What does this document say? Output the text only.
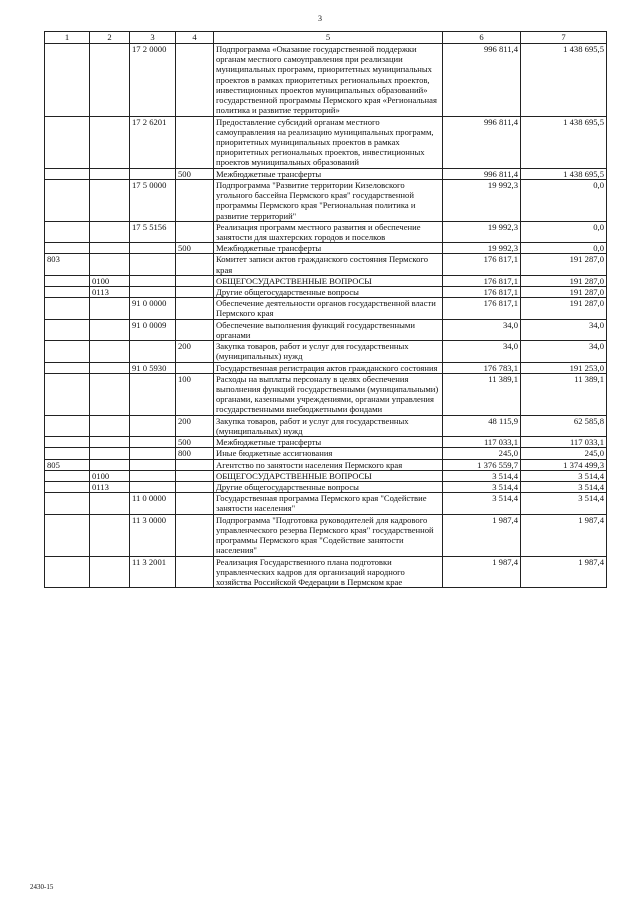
3
1	2	3	4	5	6	7
		17 2 0000		Подпрограмма «Оказание государственной поддержки органам местного самоуправления при реализации муниципальных программ, приоритетных муниципальных проектов в рамках приоритетных региональных проектов, инвестиционных проектов муниципальных образований» государственной программы Пермского края «Региональная политика и развитие территорий»	996 811,4	1 438 695,5
		17 2 6201		Предоставление субсидий органам местного самоуправления на реализацию муниципальных программ, приоритетных муниципальных проектов в рамках приоритетных региональных проектов, инвестиционных проектов муниципальных образований	996 811,4	1 438 695,5
			500	Межбюджетные трансферты	996 811,4	1 438 695,5
		17 5 0000		Подпрограмма "Развитие территории Кизеловского угольного бассейна Пермского края" государственной программы Пермского края "Региональная политика и развитие территорий"	19 992,3	0,0
		17 5 5156		Реализация программ местного развития и обеспечение занятости для шахтерских городов и поселков	19 992,3	0,0
			500	Межбюджетные трансферты	19 992,3	0,0
803				Комитет записи актов гражданского состояния Пермского края	176 817,1	191 287,0
	0100			ОБЩЕГОСУДАРСТВЕННЫЕ ВОПРОСЫ	176 817,1	191 287,0
	0113			Другие общегосударственные вопросы	176 817,1	191 287,0
		91 0 0000		Обеспечение деятельности органов государственной власти Пермского края	176 817,1	191 287,0
		91 0 0009		Обеспечение выполнения функций государственными органами	34,0	34,0
			200	Закупка товаров, работ и услуг для государственных (муниципальных) нужд	34,0	34,0
		91 0 5930		Государственная регистрация актов гражданского состояния	176 783,1	191 253,0
			100	Расходы на выплаты персоналу в целях обеспечения выполнения функций государственными (муниципальными) органами, казенными учреждениями, органами управления государственными внебюджетными фондами	11 389,1	11 389,1
			200	Закупка товаров, работ и услуг для государственных (муниципальных) нужд	48 115,9	62 585,8
			500	Межбюджетные трансферты	117 033,1	117 033,1
			800	Иные бюджетные ассигнования	245,0	245,0
805				Агентство по занятости населения Пермского края	1 376 559,7	1 374 499,3
	0100			ОБЩЕГОСУДАРСТВЕННЫЕ ВОПРОСЫ	3 514,4	3 514,4
	0113			Другие общегосударственные вопросы	3 514,4	3 514,4
		11 0 0000		Государственная программа Пермского края "Содействие занятости населения"	3 514,4	3 514,4
		11 3 0000		Подпрограмма "Подготовка руководителей для кадрового управленческого резерва Пермского края" государственной программы Пермского края "Содействие занятости населения"	1 987,4	1 987,4
		11 3 2001		Реализация Государственного плана подготовки управленческих кадров для организаций народного хозяйства Российской Федерации в Пермском крае	1 987,4	1 987,4
2430-15
